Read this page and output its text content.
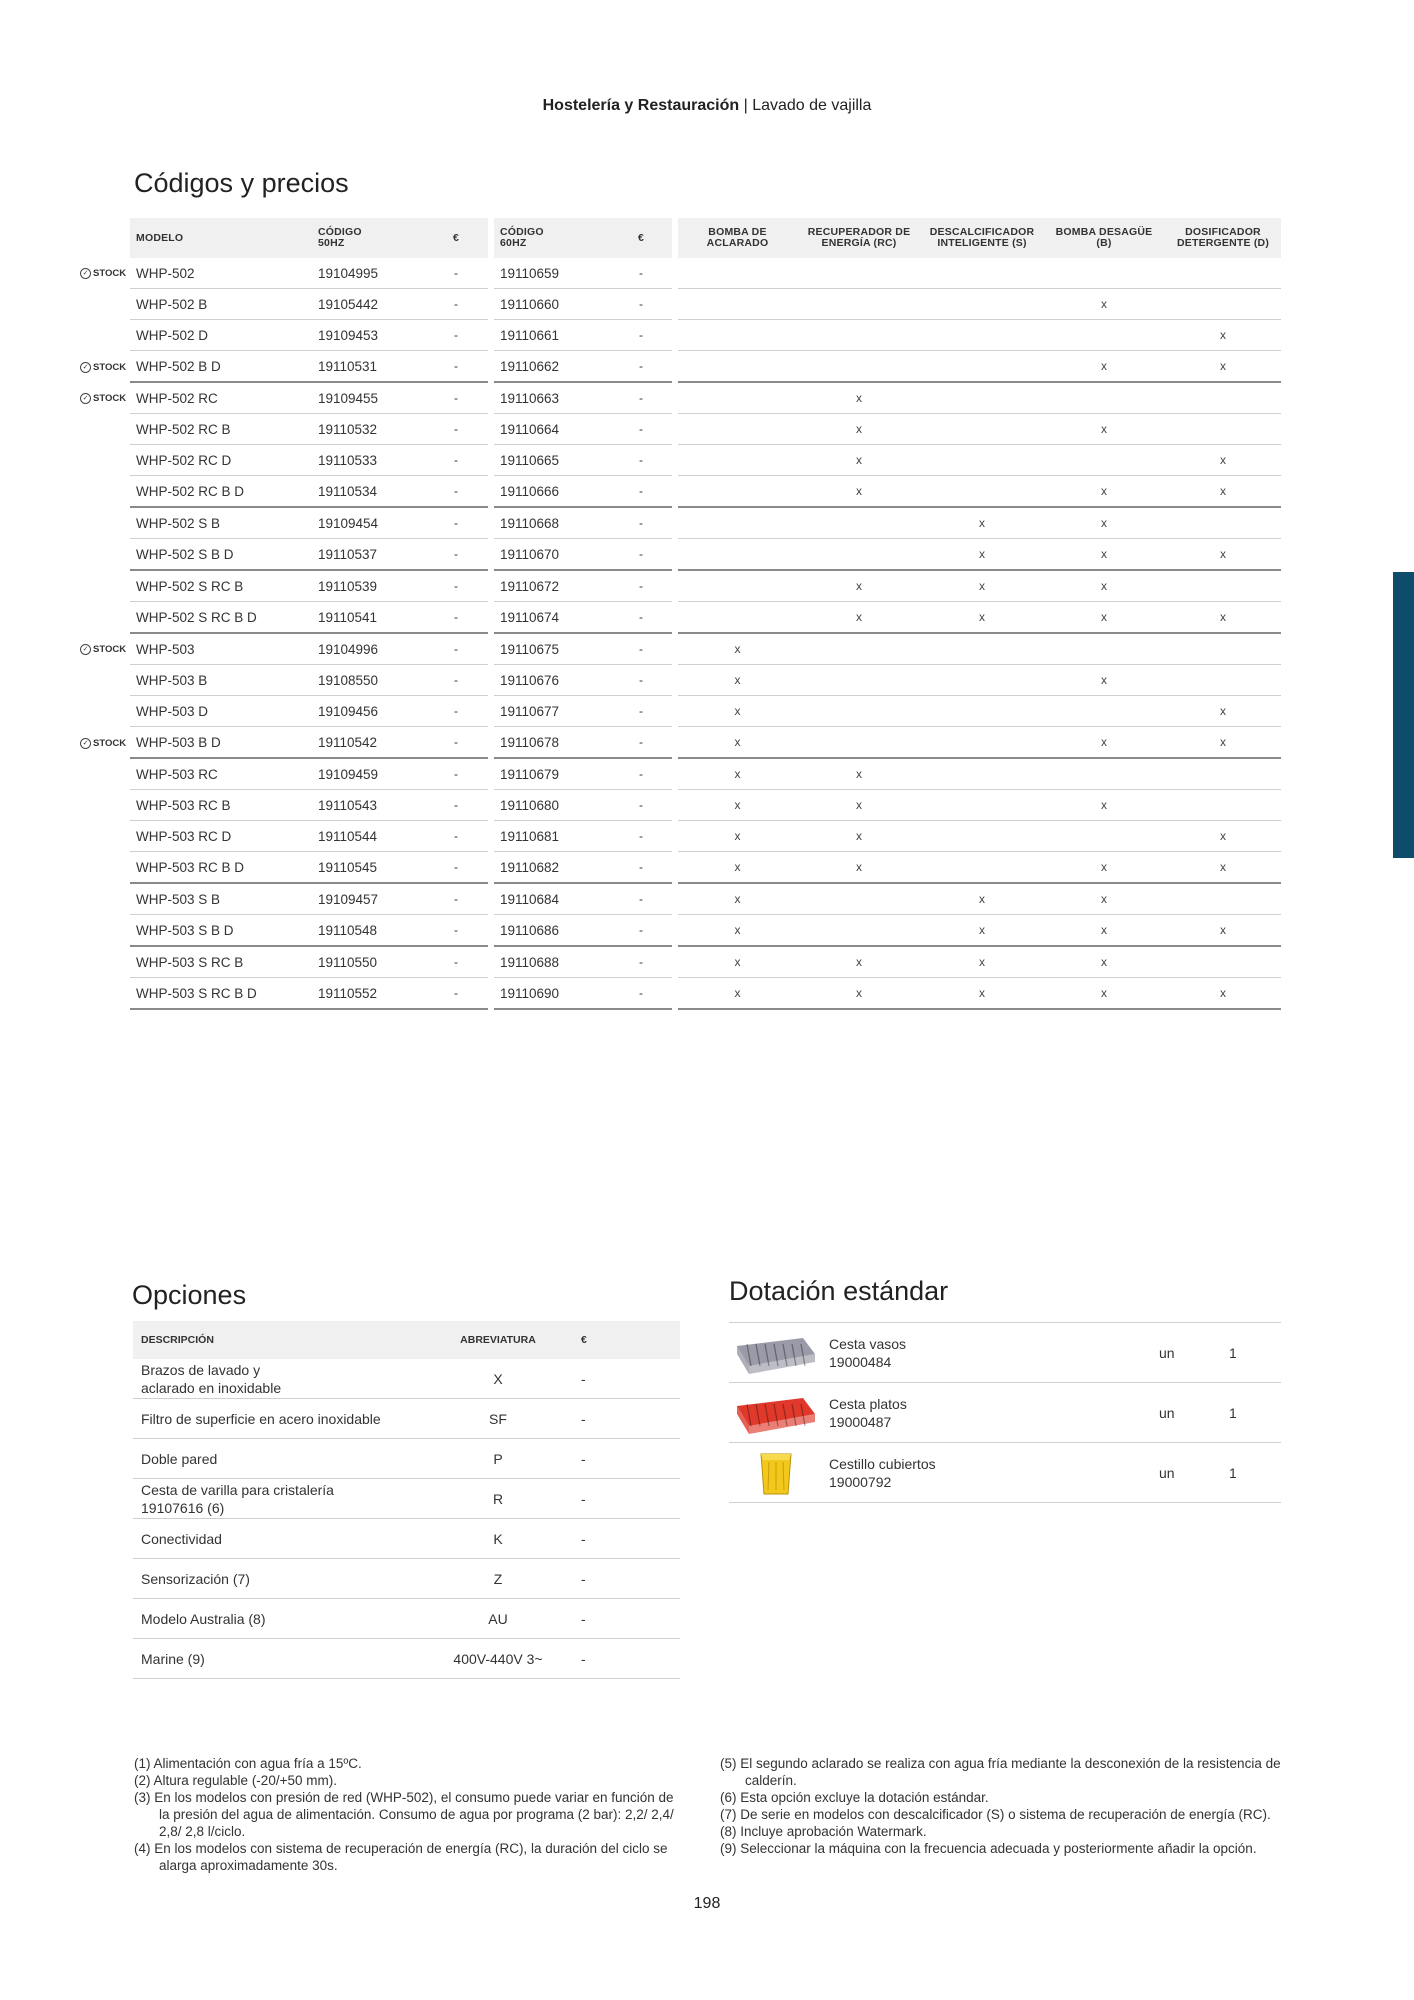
Hostelería y Restauración | Lavado de vajilla
Códigos y precios
✓ STOCK
✓ STOCK
✓ STOCK
✓ STOCK
✓ STOCK
MODELO	CÓDIGO 50HZ	€		CÓDIGO 60HZ	€		BOMBA DE ACLARADO	RECUPERADOR DE ENERGÍA (RC)	DESCALCIFICADOR INTELIGENTE (S)	BOMBA DESAGÜE (B)	DOSIFICADOR DETERGENTE (D)
WHP-502	19104995	-		19110659	-						
WHP-502 B	19105442	-		19110660	-					x	
WHP-502 D	19109453	-		19110661	-						x
WHP-502 B D	19110531	-		19110662	-					x	x
WHP-502 RC	19109455	-		19110663	-			x			
WHP-502 RC B	19110532	-		19110664	-			x		x	
WHP-502 RC D	19110533	-		19110665	-			x			x
WHP-502 RC B D	19110534	-		19110666	-			x		x	x
WHP-502 S B	19109454	-		19110668	-				x	x	
WHP-502 S B D	19110537	-		19110670	-				x	x	x
WHP-502 S RC B	19110539	-		19110672	-			x	x	x	
WHP-502 S RC B D	19110541	-		19110674	-			x	x	x	x
WHP-503	19104996	-		19110675	-		x				
WHP-503 B	19108550	-		19110676	-		x			x	
WHP-503 D	19109456	-		19110677	-		x				x
WHP-503 B D	19110542	-		19110678	-		x			x	x
WHP-503 RC	19109459	-		19110679	-		x	x			
WHP-503 RC B	19110543	-		19110680	-		x	x		x	
WHP-503 RC D	19110544	-		19110681	-		x	x			x
WHP-503 RC B D	19110545	-		19110682	-		x	x		x	x
WHP-503 S B	19109457	-		19110684	-		x		x	x	
WHP-503 S B D	19110548	-		19110686	-		x		x	x	x
WHP-503 S RC B	19110550	-		19110688	-		x	x	x	x	
WHP-503 S RC B D	19110552	-		19110690	-		x	x	x	x	x
Opciones
DESCRIPCIÓN	ABREVIATURA	€
Brazos de lavado y
aclarado en inoxidable	X	-
Filtro de superficie en acero inoxidable	SF	-
Doble pared	P	-
Cesta de varilla para cristalería
19107616 (6)	R	-
Conectividad	K	-
Sensorización (7)	Z	-
Modelo Australia (8)	AU	-
Marine (9)	400V-440V 3~	-
Dotación estándar

Cesta vasos
19000484	un	1

Cesta platos
19000487	un	1

Cestillo cubiertos
19000792	un	1
(1) Alimentación con agua fría a 15ºC.
(2) Altura regulable (-20/+50 mm).
(3) En los modelos con presión de red (WHP-502), el consumo puede variar en función de la presión del agua de alimentación. Consumo de agua por programa (2 bar): 2,2/ 2,4/ 2,8/ 2,8 l/ciclo.
(4) En los modelos con sistema de recuperación de energía (RC), la duración del ciclo se alarga aproximadamente 30s.
(5) El segundo aclarado se realiza con agua fría mediante la desconexión de la resistencia de calderín.
(6) Esta opción excluye la dotación estándar.
(7) De serie en modelos con descalcificador (S) o sistema de recuperación de energía (RC).
(8) Incluye aprobación Watermark.
(9) Seleccionar la máquina con la frecuencia adecuada y posteriormente añadir la opción.
198
